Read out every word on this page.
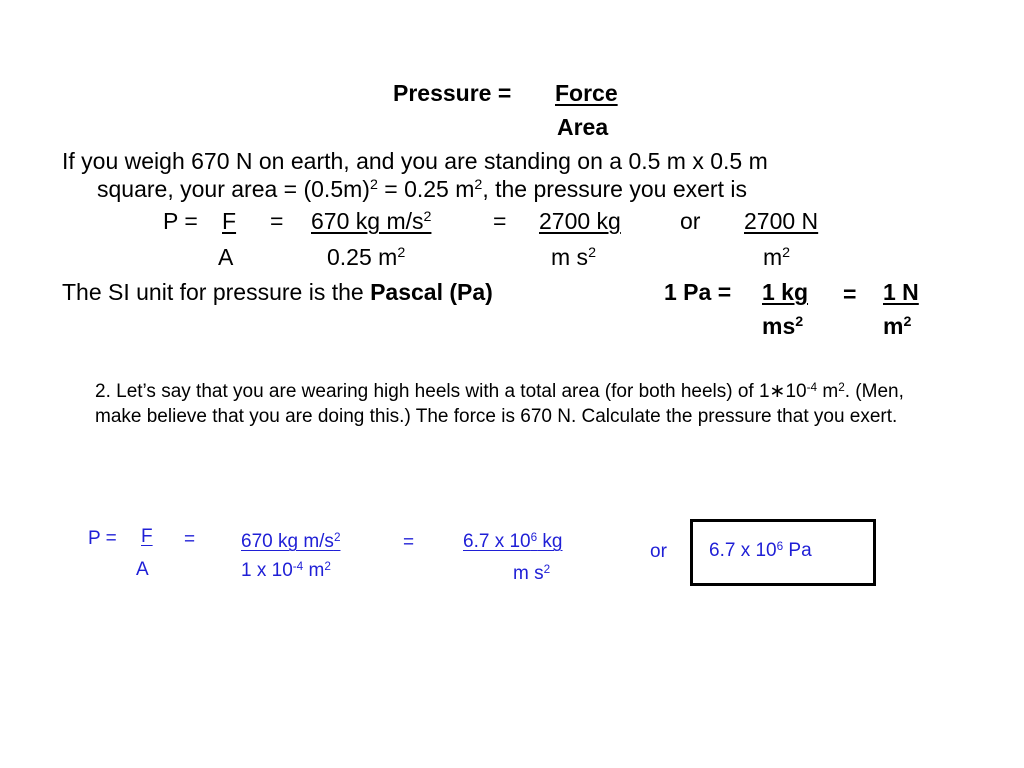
Pressure = Force
Area
If you weigh 670 N on earth, and you are standing on a 0.5 m x 0.5 m
square, your area = $(0.5m)^2 = 0.25$ $m^2$, the pressure you exert is
P = F
A
= 670 kg $m/s^2$
0.25 $m^2$
= 2700 kg
m $s^2$
or 2700 N
$m^2$
The SI unit for pressure is the Pascal (Pa)	1 Pa = 1 kg
$ms^2$
= 1 N
$m^2$
2. Let’s say that you are wearing high heels with a total area (for both heels) of $1∗10^{-4}$ $m^2$. (Men, make believe that you are doing this.) The force is 670 N. Calculate the pressure that you exert.
P = F
A
= 670 kg $m/s^2$
1 x $10^{-4}$ $m^2$
=	6.7 x $10^6$ kg
m $s^2$
or 6.7 x $10^6$ Pa
